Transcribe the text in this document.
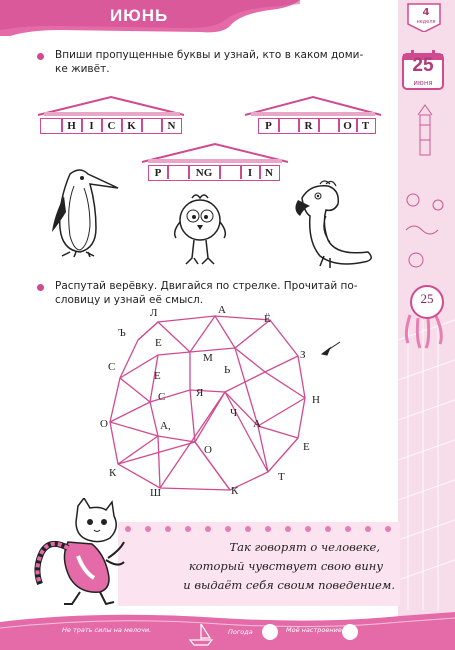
ИЮНЬ	4
неделя
25
июня
25
Впиши пропущенные буквы и узнай, кто в каком доми-
ке живёт.
H	I	C	K	N	P	R	O T
P	NG	I	N
Распутай верёвку. Двигайся по стрелке. Прочитай по-
словицу и узнай её смысл.
Л	А
Ё
Ъ
Е
З
М
Ь
С
Е
Я
С	Н
Ч
А,	А
О
О	Е
К	Т
Ш	К
Так говорят о человеке,
который чувствует свою вину
и выдаёт себя своим поведением.
Не трать силы на мелочи.	Погода	Моё настроение
